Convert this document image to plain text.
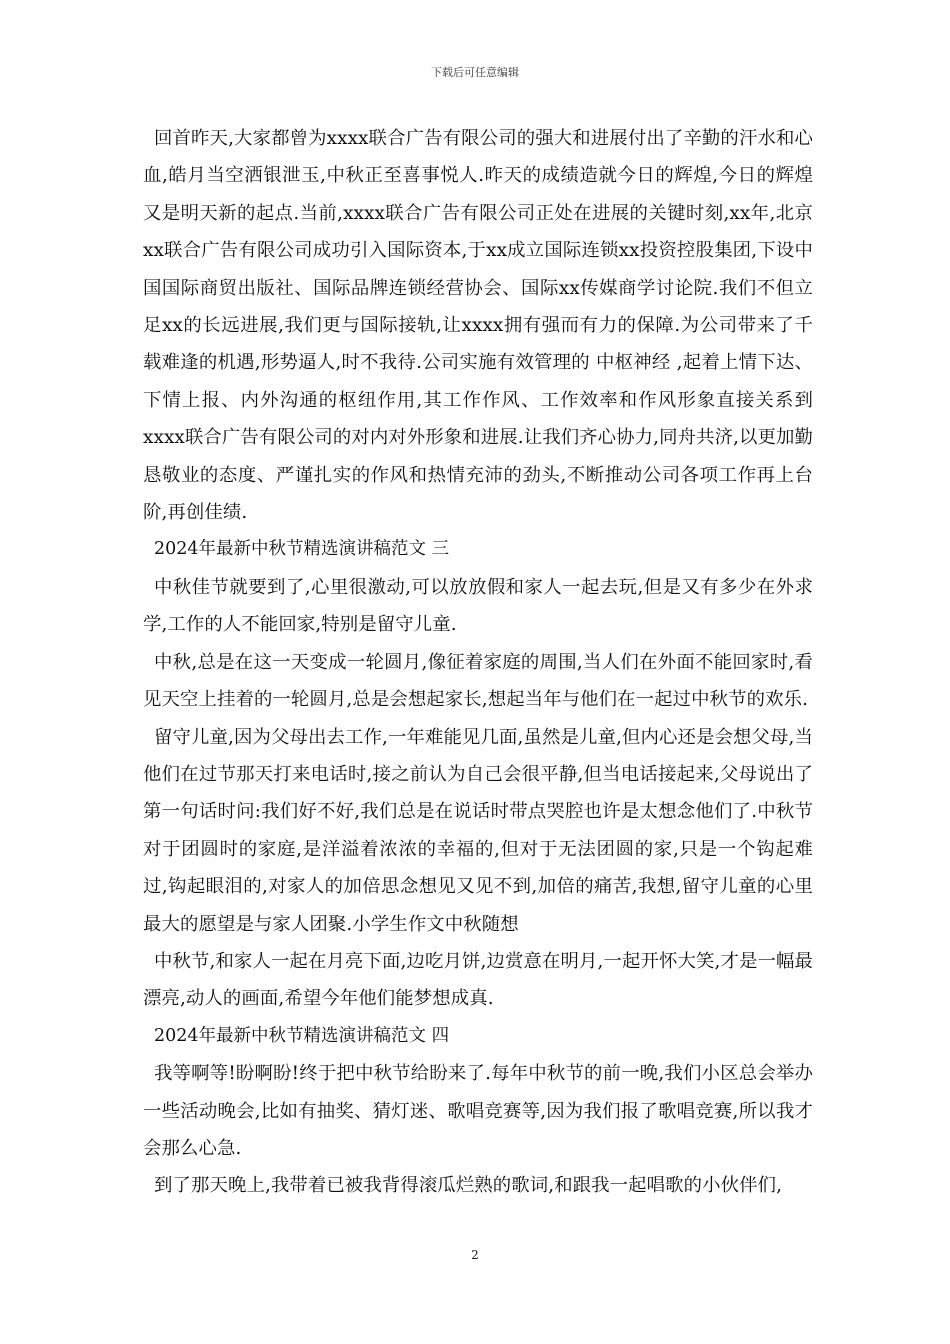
下载后可任意编辑

回首昨天,大家都曾为xxxx联合广告有限公司的强大和进展付出了辛勤的汗水和心血,皓月当空洒银泄玉,中秋正至喜事悦人.昨天的成绩造就今日的辉煌,今日的辉煌又是明天新的起点.当前,xxxx联合广告有限公司正处在进展的关键时刻,xx年,北京xx联合广告有限公司成功引入国际资本,于xx成立国际连锁xx投资控股集团,下设中国国际商贸出版社、国际品牌连锁经营协会、国际xx传媒商学讨论院.我们不但立足xx的长远进展,我们更与国际接轨,让xxxx拥有强而有力的保障.为公司带来了千载难逢的机遇,形势逼人,时不我待.公司实施有效管理的 中枢神经 ,起着上情下达、下情上报、内外沟通的枢纽作用,其工作作风、工作效率和作风形象直接关系到xxxx联合广告有限公司的对内对外形象和进展.让我们齐心协力,同舟共济,以更加勤恳敬业的态度、严谨扎实的作风和热情充沛的劲头,不断推动公司各项工作再上台阶,再创佳绩.

2024年最新中秋节精选演讲稿范文 三

中秋佳节就要到了,心里很激动,可以放放假和家人一起去玩,但是又有多少在外求学,工作的人不能回家,特别是留守儿童.

中秋,总是在这一天变成一轮圆月,像征着家庭的周围,当人们在外面不能回家时,看见天空上挂着的一轮圆月,总是会想起家长,想起当年与他们在一起过中秋节的欢乐.

留守儿童,因为父母出去工作,一年难能见几面,虽然是儿童,但内心还是会想父母,当他们在过节那天打来电话时,接之前认为自己会很平静,但当电话接起来,父母说出了第一句话时问:我们好不好,我们总是在说话时带点哭腔也许是太想念他们了.中秋节对于团圆时的家庭,是洋溢着浓浓的幸福的,但对于无法团圆的家,只是一个钩起难过,钩起眼泪的,对家人的加倍思念想见又见不到,加倍的痛苦,我想,留守儿童的心里最大的愿望是与家人团聚.小学生作文中秋随想

中秋节,和家人一起在月亮下面,边吃月饼,边赏意在明月,一起开怀大笑,才是一幅最漂亮,动人的画面,希望今年他们能梦想成真.

2024年最新中秋节精选演讲稿范文 四

我等啊等!盼啊盼!终于把中秋节给盼来了.每年中秋节的前一晚,我们小区总会举办一些活动晚会,比如有抽奖、猜灯迷、歌唱竞赛等,因为我们报了歌唱竞赛,所以我才会那么心急.

到了那天晚上,我带着已被我背得滚瓜烂熟的歌词,和跟我一起唱歌的小伙伴们,

2
